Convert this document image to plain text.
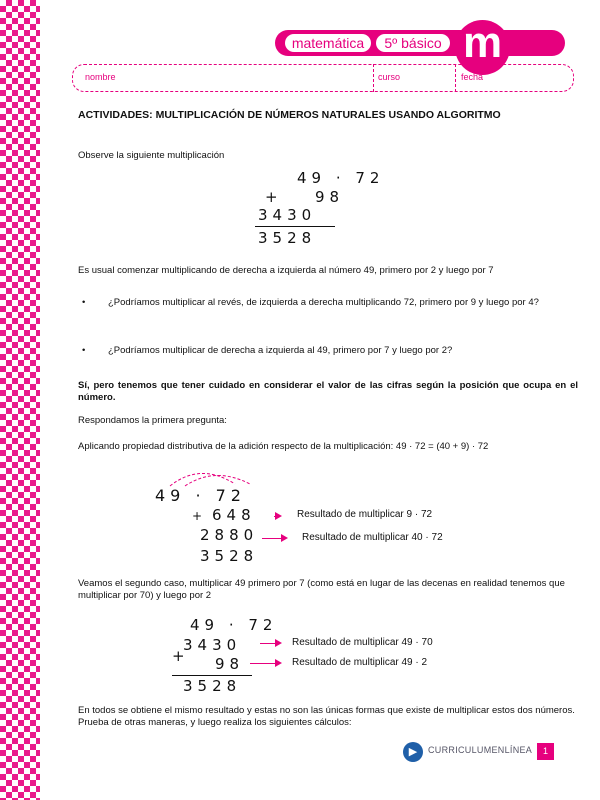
matemática	5º básico m
nombre	curso	fecha
ACTIVIDADES: MULTIPLICACIÓN DE NÚMEROS NATURALES USANDO ALGORITMO
Observe la siguiente multiplicación
49 · 72
+ 98
3430
3528
Es usual comenzar multiplicando de derecha a izquierda al número 49, primero por 2 y luego por 7
• ¿Podríamos multiplicar al revés, de izquierda a derecha multiplicando 72, primero por 9 y luego por 4?
• ¿Podríamos multiplicar de derecha a izquierda al 49, primero por 7 y luego por 2?
Sí, pero tenemos que tener cuidado en considerar el valor de las cifras según la posición que ocupa en el número.
Respondamos la primera pregunta:
Aplicando propiedad distributiva de la adición respecto de la multiplicación: 49 · 72 = (40 + 9) · 72
49 · 72
+ 648
2880
3528
Resultado de multiplicar 9 · 72
Resultado de multiplicar 40 · 72
Veamos el segundo caso, multiplicar 49 primero por 7 (como está en lugar de las decenas en realidad tenemos que multiplicar por 70) y luego por 2
49 · 72
3430
+ 98
3528
Resultado de multiplicar 49 · 70
Resultado de multiplicar 49 · 2
En todos se obtiene el mismo resultado y estas no son las únicas formas que existe de multiplicar estos dos números. Prueba de otras maneras, y luego realiza los siguientes cálculos:
▶	CURRICULUMENLÍNEA	1
